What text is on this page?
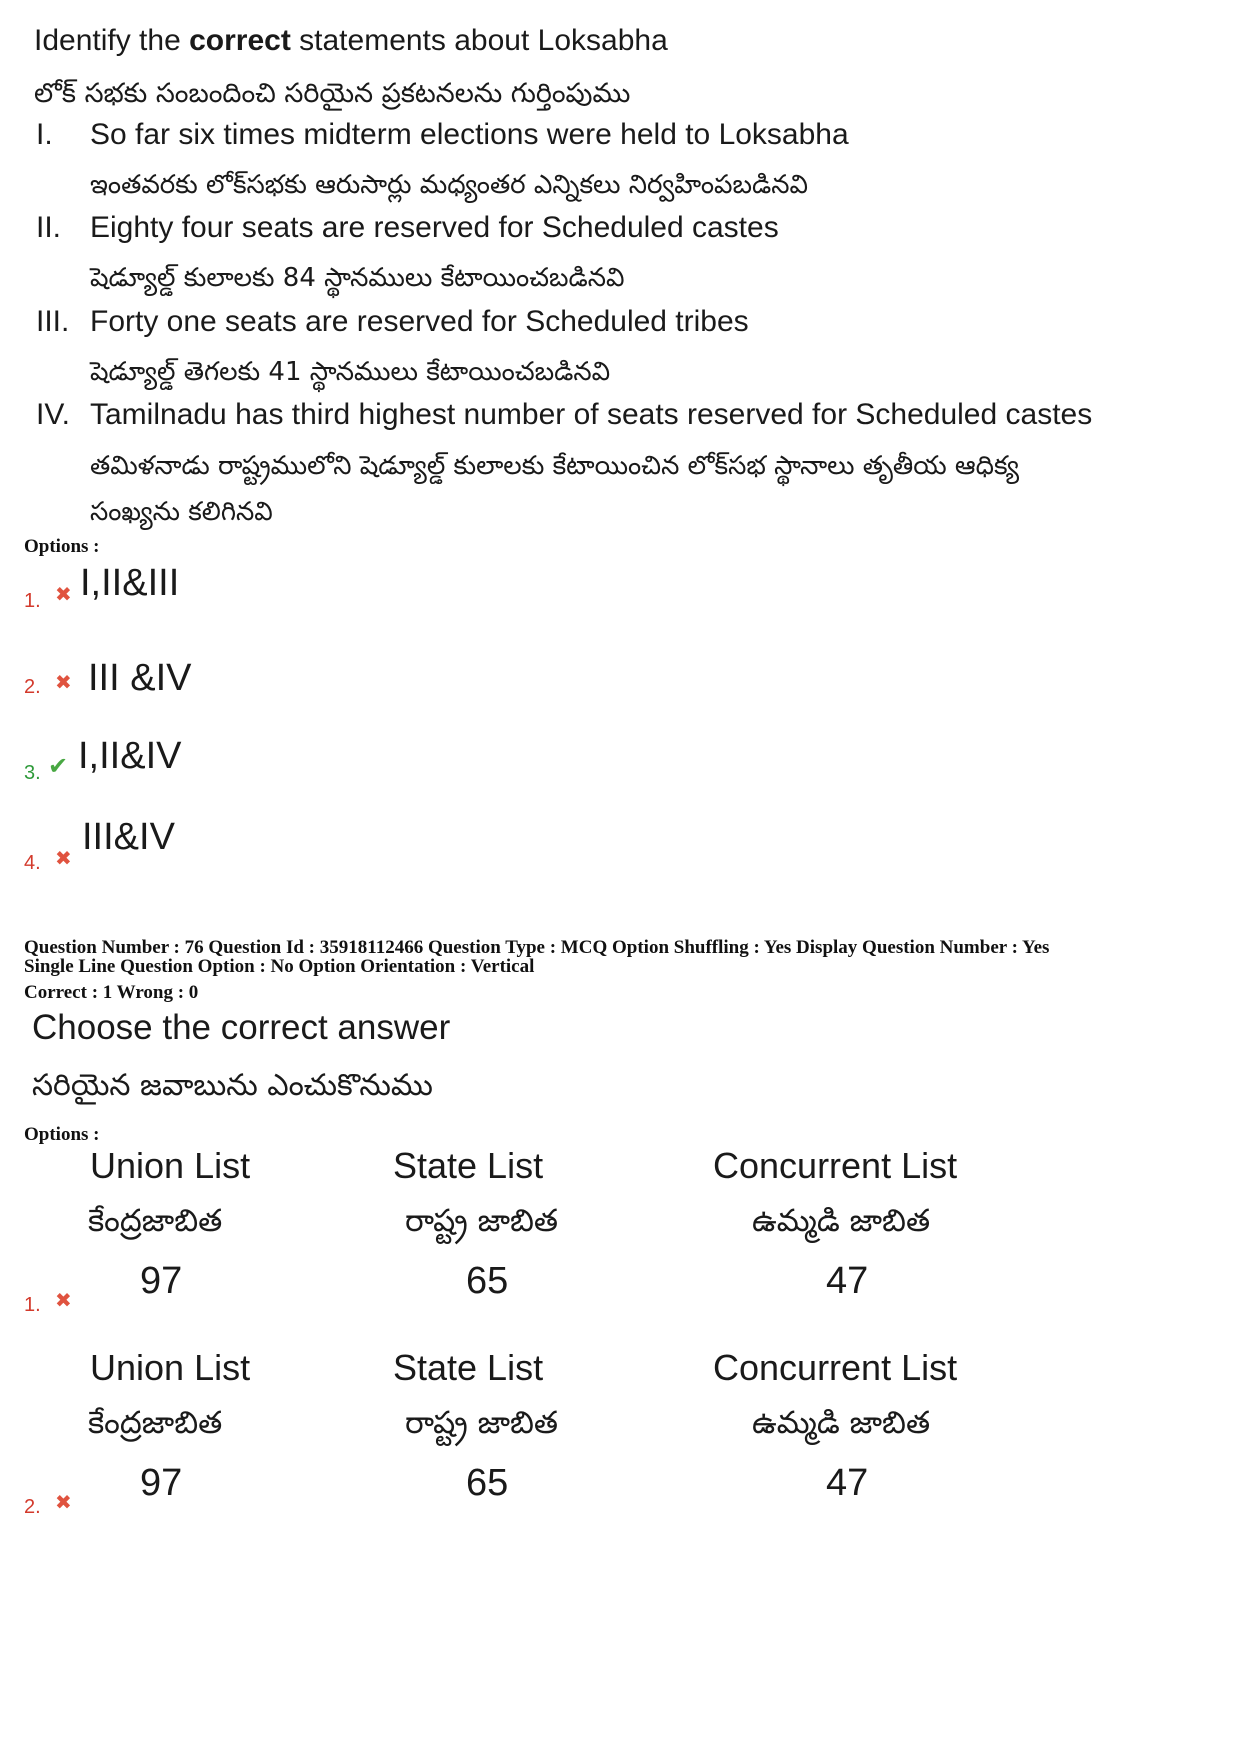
Identify the correct statements about Loksabha
లోక్ సభకు సంబందించి సరియైన ప్రకటనలను గుర్తింపుము
I. So far six times midterm elections were held to Loksabha
ఇంతవరకు లోక్‌సభకు ఆరుసార్లు మధ్యంతర ఎన్నికలు నిర్వహింపబడినవి
II. Eighty four seats are reserved for Scheduled castes
షెడ్యూల్డ్ కులాలకు 84 స్థానములు కేటాయించబడినవి
III. Forty one seats are reserved for Scheduled tribes
షెడ్యూల్డ్ తెగలకు 41 స్థానములు కేటాయించబడినవి
IV. Tamilnadu has third highest number of seats reserved for Scheduled castes
తమిళనాడు రాష్ట్రములోని షెడ్యూల్డ్ కులాలకు కేటాయించిన లోక్‌సభ స్థానాలు తృతీయ ఆధిక్య
సంఖ్యను కలిగినవి
Options :
1. ✖ I,II&III
2. ✖ III &IV
3. ✔ I,II&IV
4. ✖
III&IV
Question Number : 76 Question Id : 35918112466 Question Type : MCQ Option Shuffling : Yes Display Question Number : Yes
Single Line Question Option : No Option Orientation : Vertical
Correct : 1 Wrong : 0
Choose the correct answer
సరియైన జవాబును ఎంచుకొనుము
Options :
Union List	State List	Concurrent List
కేంద్రజాబిత	రాష్ట్ర జాబిత	ఉమ్మడి జాబిత
97	65	47
1. ✖
Union List	State List	Concurrent List
కేంద్రజాబిత	రాష్ట్ర జాబిత	ఉమ్మడి జాబిత
97	65	47
2. ✖
